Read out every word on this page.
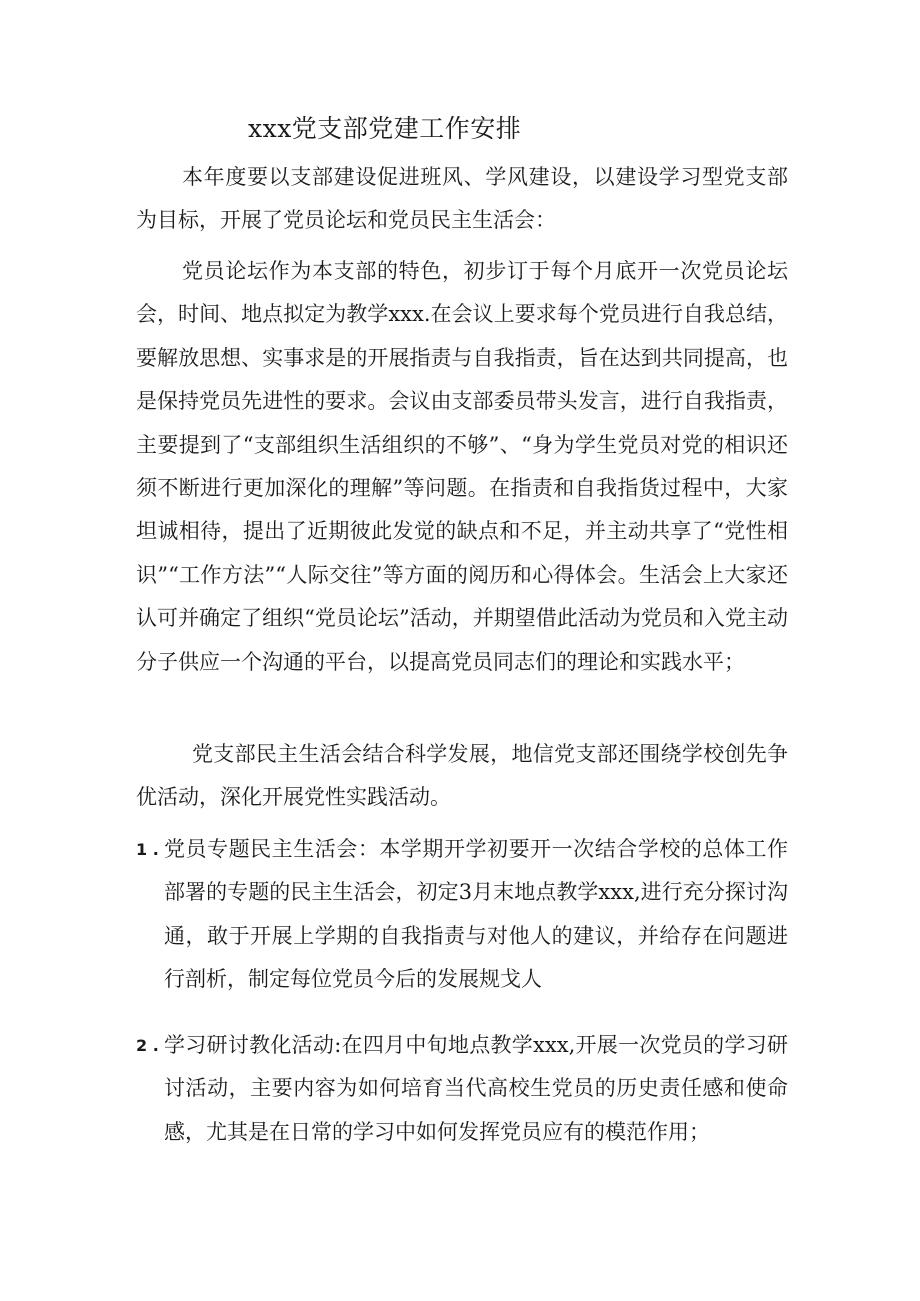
xxx党支部党建工作安排

本年度要以支部建设促进班风、学风建设，以建设学习型党支部为目标，开展了党员论坛和党员民主生活会：

党员论坛作为本支部的特色，初步订于每个月底开一次党员论坛会，时间、地点拟定为教学xxx.在会议上要求每个党员进行自我总结，要解放思想、实事求是的开展指责与自我指责，旨在达到共同提高，也是保持党员先进性的要求。会议由支部委员带头发言，进行自我指责，主要提到了“支部组织生活组织的不够”、“身为学生党员对党的相识还须不断进行更加深化的理解”等问题。在指责和自我指货过程中，大家坦诚相待，提出了近期彼此发觉的缺点和不足，并主动共享了“党性相识”“工作方法”“人际交往”等方面的阅历和心得体会。生活会上大家还认可并确定了组织“党员论坛”活动，并期望借此活动为党员和入党主动分子供应一个沟通的平台，以提高党员同志们的理论和实践水平；

党支部民主生活会结合科学发展，地信党支部还围绕学校创先争优活动，深化开展党性实践活动。

1 . 党员专题民主生活会：本学期开学初要开一次结合学校的总体工作部署的专题的民主生活会，初定3月末地点教学xxx,进行充分探讨沟通，敢于开展上学期的自我指责与对他人的建议，并给存在问题进行剖析，制定每位党员今后的发展规戈人
2 . 学习研讨教化活动:在四月中旬地点教学xxx,开展一次党员的学习研讨活动，主要内容为如何培育当代高校生党员的历史责任感和使命感，尤其是在日常的学习中如何发挥党员应有的模范作用；
